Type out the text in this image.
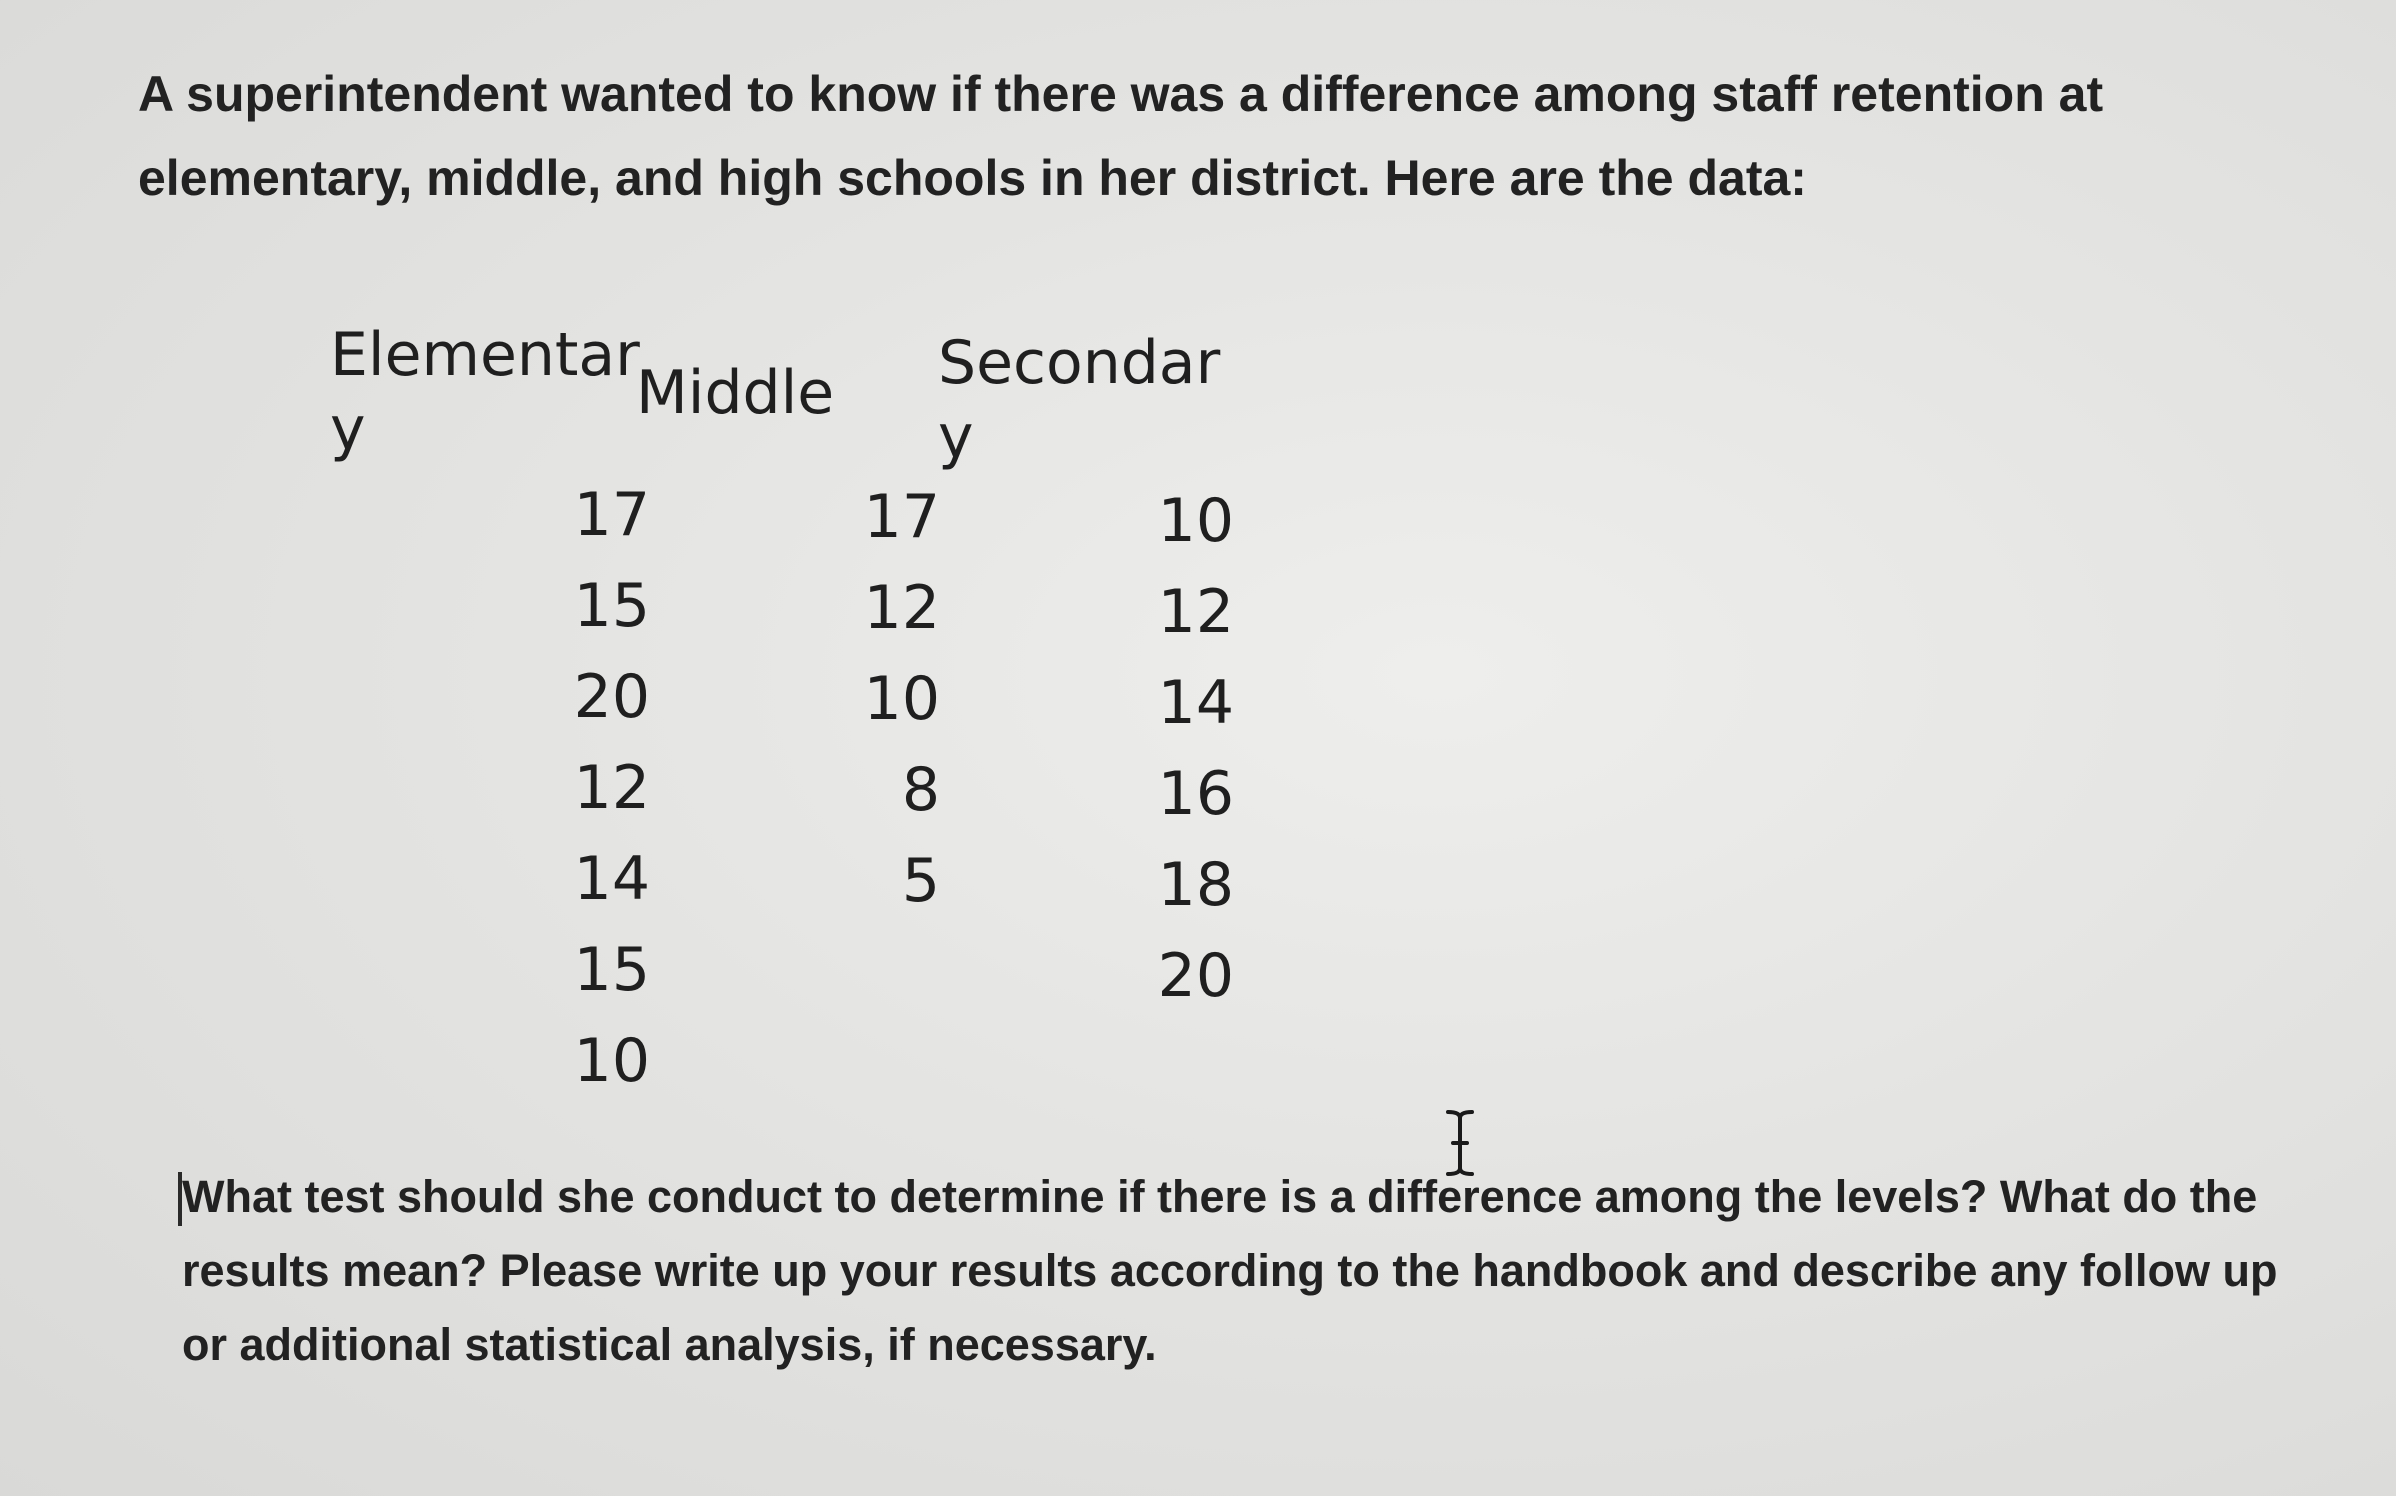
A superintendent wanted to know if there was a difference among staff retention at elementary, middle, and high schools in her district. Here are the data:

Elementar
y
Middle	Secondar
y
17
15
20
12
14
15
10
17
12
10
8
5
10
12
14
16
18
20

What test should she conduct to determine if there is a difference among the levels? What do the results mean? Please write up your results according to the handbook and describe any follow up or additional statistical analysis, if necessary.
